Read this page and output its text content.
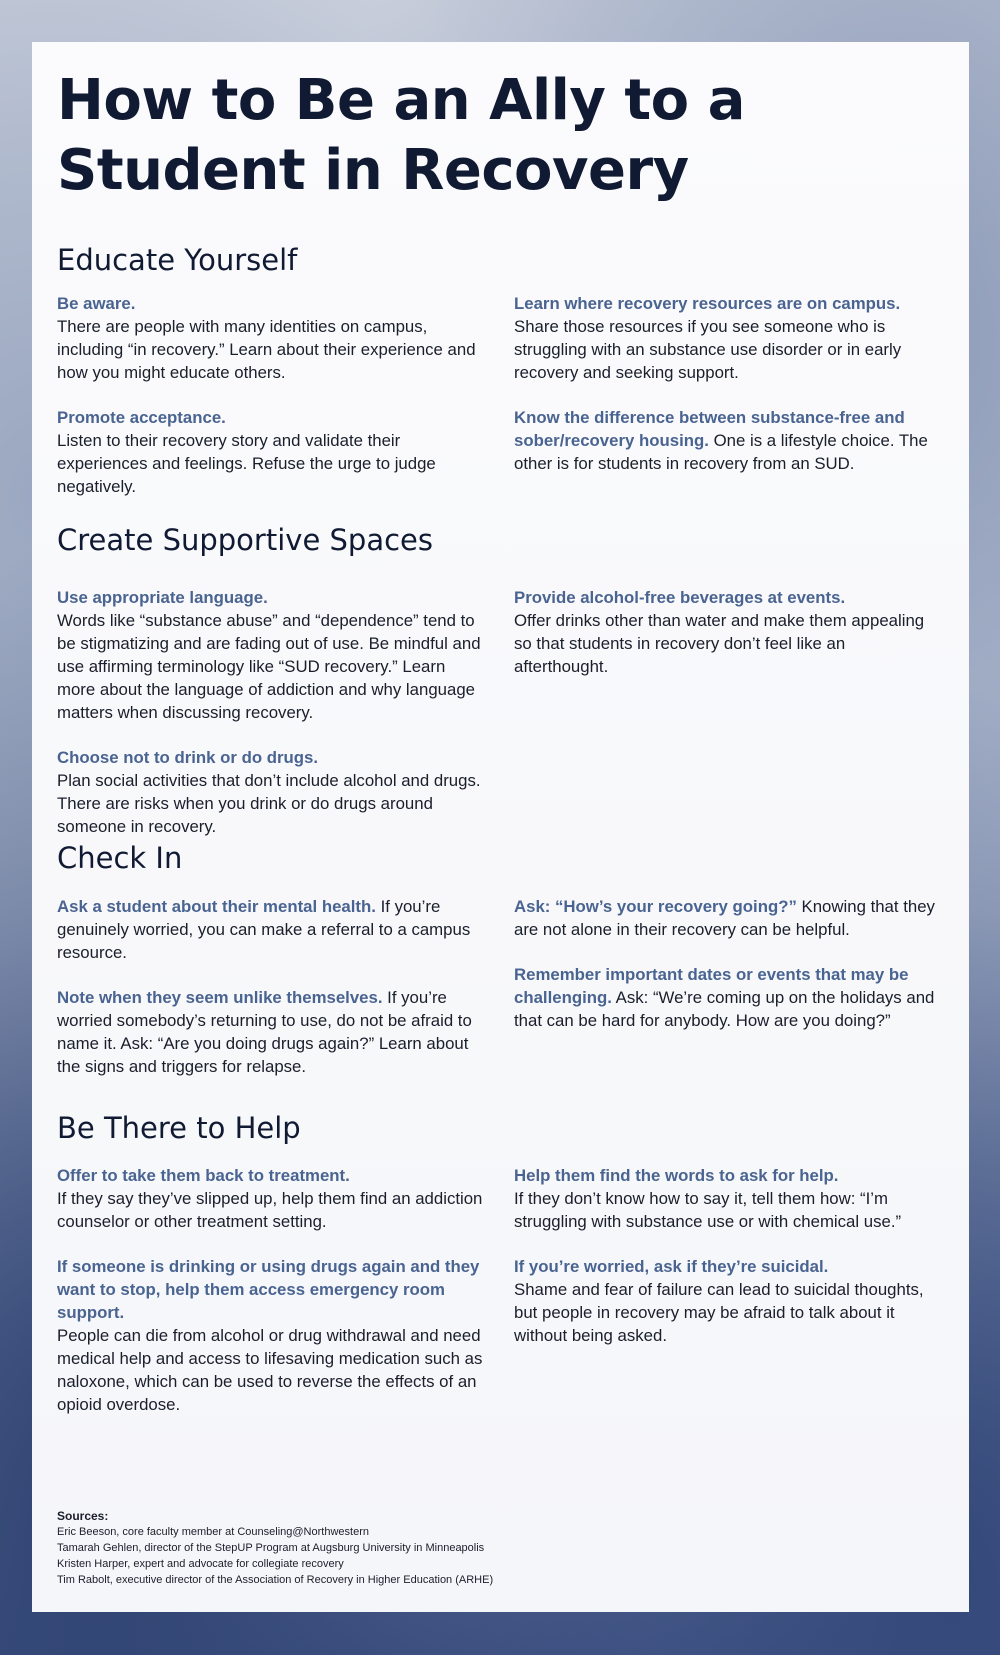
How to Be an Ally to a
Student in Recovery
Educate Yourself

Be aware.
There are people with many identities on campus, including “in recovery.” Learn about their experience and how you might educate others.

Promote acceptance.
Listen to their recovery story and validate their experiences and feelings. Refuse the urge to judge negatively.

Learn where recovery resources are on campus.
Share those resources if you see someone who is struggling with an substance use disorder or in early recovery and seeking support.

Know the difference between substance-free and sober/recovery housing. One is a lifestyle choice. The other is for students in recovery from an SUD.

Create Supportive Spaces

Use appropriate language.
Words like “substance abuse” and “dependence” tend to be stigmatizing and are fading out of use. Be mindful and use affirming terminology like “SUD recovery.” Learn more about the language of addiction and why language matters when discussing recovery.

Choose not to drink or do drugs.
Plan social activities that don’t include alcohol and drugs. There are risks when you drink or do drugs around someone in recovery.

Provide alcohol-free beverages at events.
Offer drinks other than water and make them appealing so that students in recovery don’t feel like an afterthought.

Check In

Ask a student about their mental health. If you’re genuinely worried, you can make a referral to a campus resource.

Note when they seem unlike themselves. If you’re worried somebody’s returning to use, do not be afraid to name it. Ask: “Are you doing drugs again?” Learn about the signs and triggers for relapse.

Ask: “How’s your recovery going?” Knowing that they are not alone in their recovery can be helpful.

Remember important dates or events that may be challenging. Ask: “We’re coming up on the holidays and that can be hard for anybody. How are you doing?”

Be There to Help

Offer to take them back to treatment.
If they say they’ve slipped up, help them find an addiction counselor or other treatment setting.

If someone is drinking or using drugs again and they want to stop, help them access emergency room support.
People can die from alcohol or drug withdrawal and need medical help and access to lifesaving medication such as naloxone, which can be used to reverse the effects of an opioid overdose.

Help them find the words to ask for help.
If they don’t know how to say it, tell them how: “I’m struggling with substance use or with chemical use.”

If you’re worried, ask if they’re suicidal.
Shame and fear of failure can lead to suicidal thoughts, but people in recovery may be afraid to talk about it without being asked.

Sources:
Eric Beeson, core faculty member at Counseling@Northwestern
Tamarah Gehlen, director of the StepUP Program at Augsburg University in Minneapolis
Kristen Harper, expert and advocate for collegiate recovery
Tim Rabolt, executive director of the Association of Recovery in Higher Education (ARHE)
